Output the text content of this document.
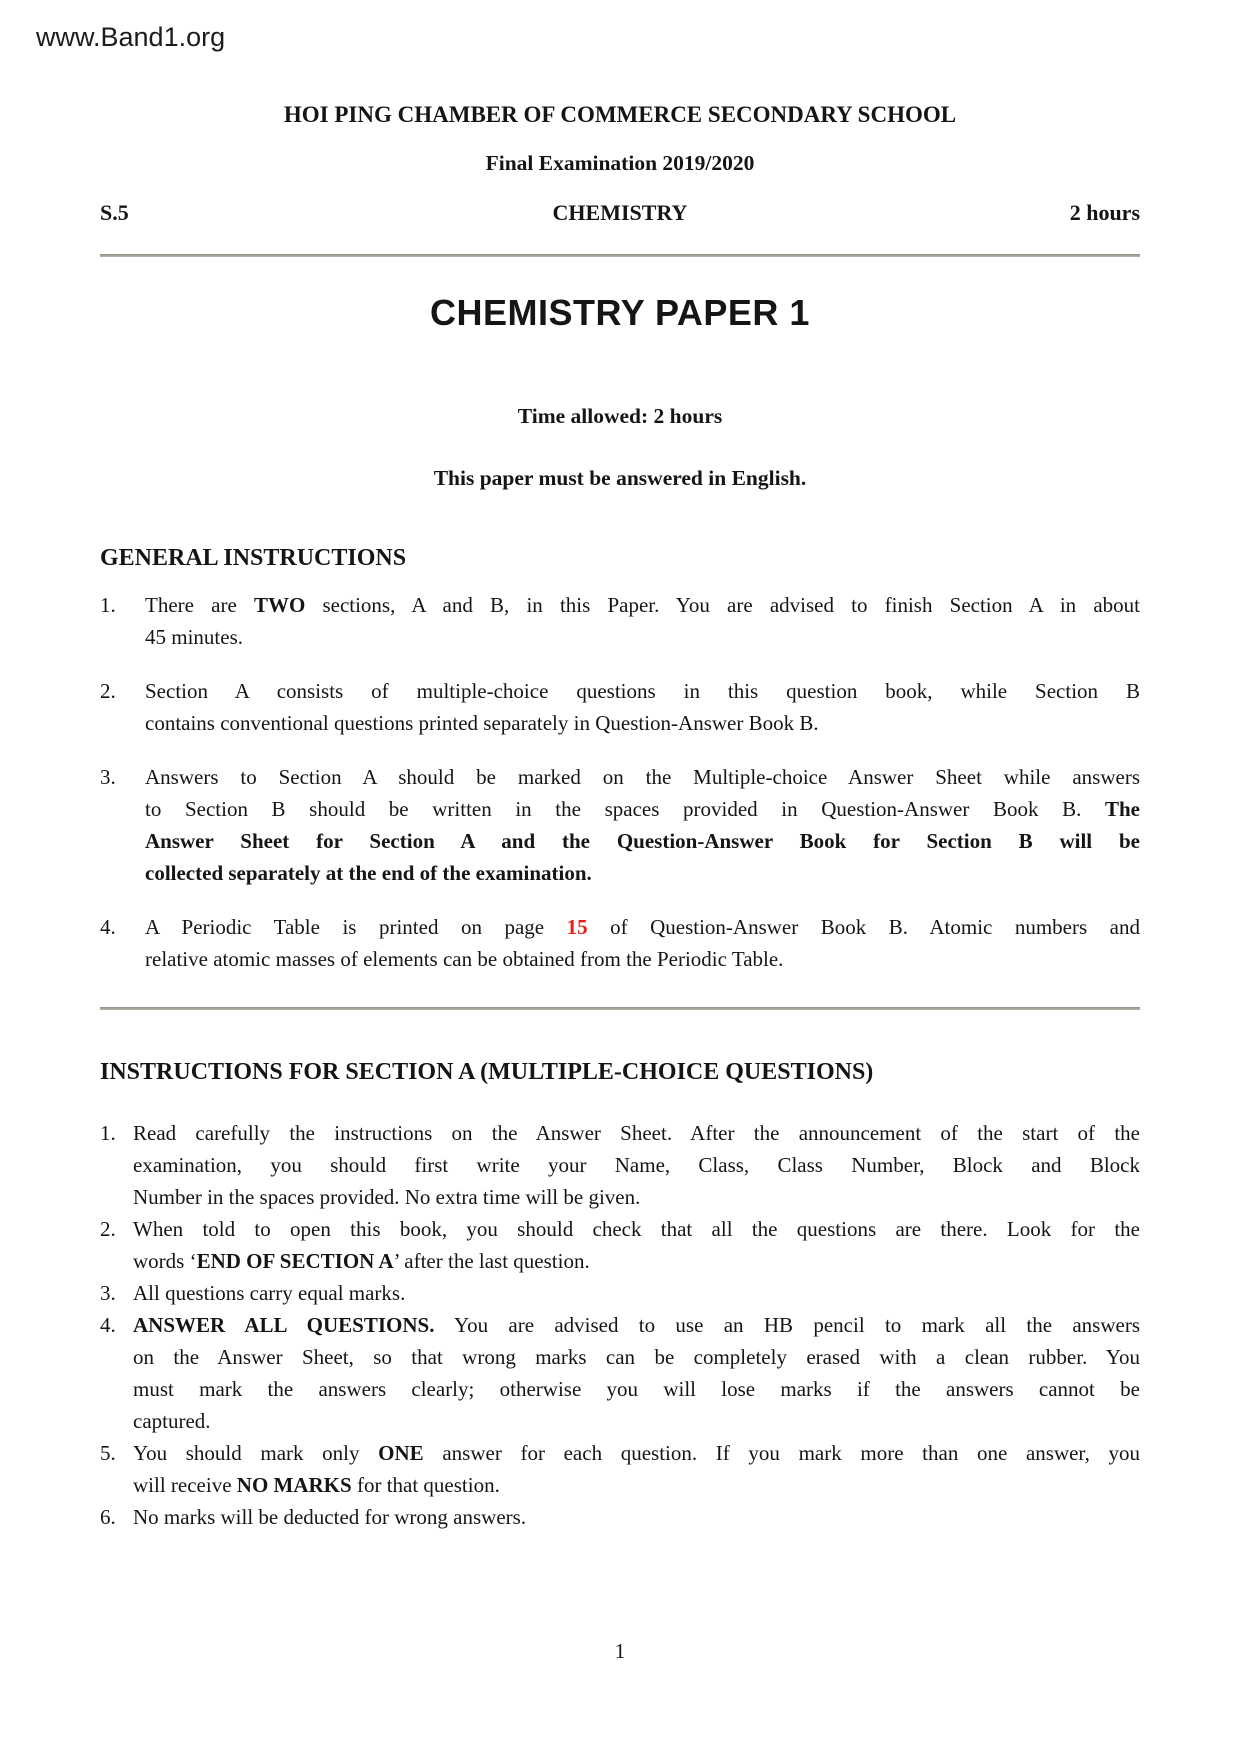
www.Band1.org
HOI PING CHAMBER OF COMMERCE SECONDARY SCHOOL
Final Examination 2019/2020
S.5	CHEMISTRY	2 hours
CHEMISTRY PAPER 1
Time allowed: 2 hours
This paper must be answered in English.
GENERAL INSTRUCTIONS
1.	There are TWO sections, A and B, in this Paper. You are advised to finish Section A in about
45 minutes.
2.	Section A consists of multiple-choice questions in this question book, while Section B
contains conventional questions printed separately in Question-Answer Book B.
3.	Answers to Section A should be marked on the Multiple-choice Answer Sheet while answers
to Section B should be written in the spaces provided in Question-Answer Book B. The
Answer Sheet for Section A and the Question-Answer Book for Section B will be
collected separately at the end of the examination.
4.	A Periodic Table is printed on page 15 of Question-Answer Book B. Atomic numbers and
relative atomic masses of elements can be obtained from the Periodic Table.
INSTRUCTIONS FOR SECTION A (MULTIPLE-CHOICE QUESTIONS)
1. Read carefully the instructions on the Answer Sheet. After the announcement of the start of the
examination, you should first write your Name, Class, Class Number, Block and Block
Number in the spaces provided. No extra time will be given.
2. When told to open this book, you should check that all the questions are there. Look for the
words ‘END OF SECTION A’ after the last question.
3. All questions carry equal marks.
4. ANSWER ALL QUESTIONS. You are advised to use an HB pencil to mark all the answers
on the Answer Sheet, so that wrong marks can be completely erased with a clean rubber. You
must mark the answers clearly; otherwise you will lose marks if the answers cannot be
captured.
5. You should mark only ONE answer for each question. If you mark more than one answer, you
will receive NO MARKS for that question.
6. No marks will be deducted for wrong answers.
1
